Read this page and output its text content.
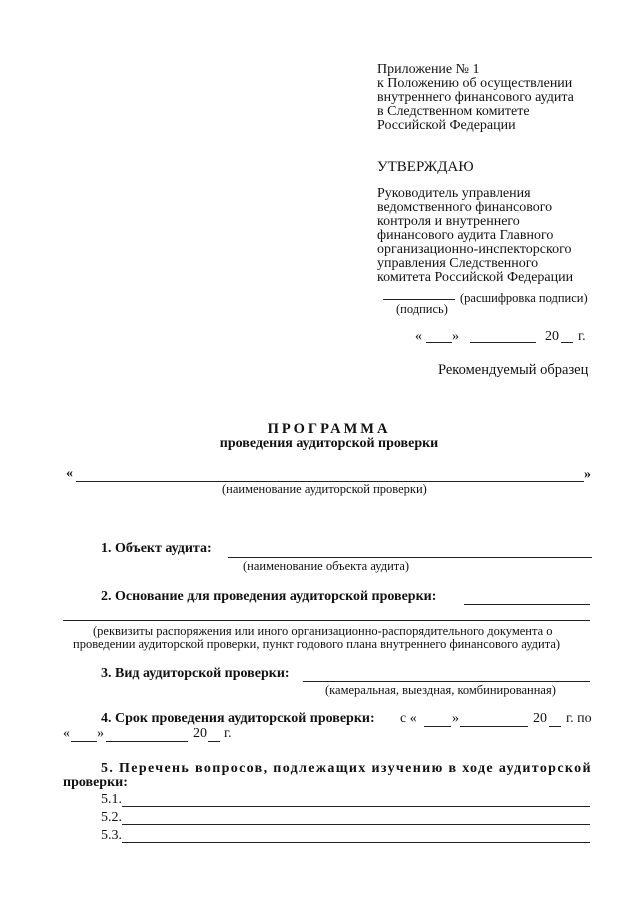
Приложение № 1
к Положению об осуществлении
внутреннего финансового аудита
в Следственном комитете
Российской Федерации
УТВЕРЖДАЮ
Руководитель управления
ведомственного финансового
контроля и внутреннего
финансового аудита Главного
организационно-инспекторского
управления Следственного
комитета Российской Федерации
(расшифровка подписи)
(подпись)
« »	20 г.
Рекомендуемый образец
ПРОГРАММА
проведения аудиторской проверки
«	»
(наименование аудиторской проверки)
1. Объект аудита:
(наименование объекта аудита)
2. Основание для проведения аудиторской проверки:
(реквизиты распоряжения или иного организационно-распорядительного документа о
проведении аудиторской проверки, пункт годового плана внутреннего финансового аудита)
3. Вид аудиторской проверки:
(камеральная, выездная, комбинированная)
4. Срок проведения аудиторской проверки: с «	»	20 г. по
« »	20 г.
5. Перечень вопросов, подлежащих изучению в ходе аудиторской
проверки:
5.1.
5.2.
5.3.
